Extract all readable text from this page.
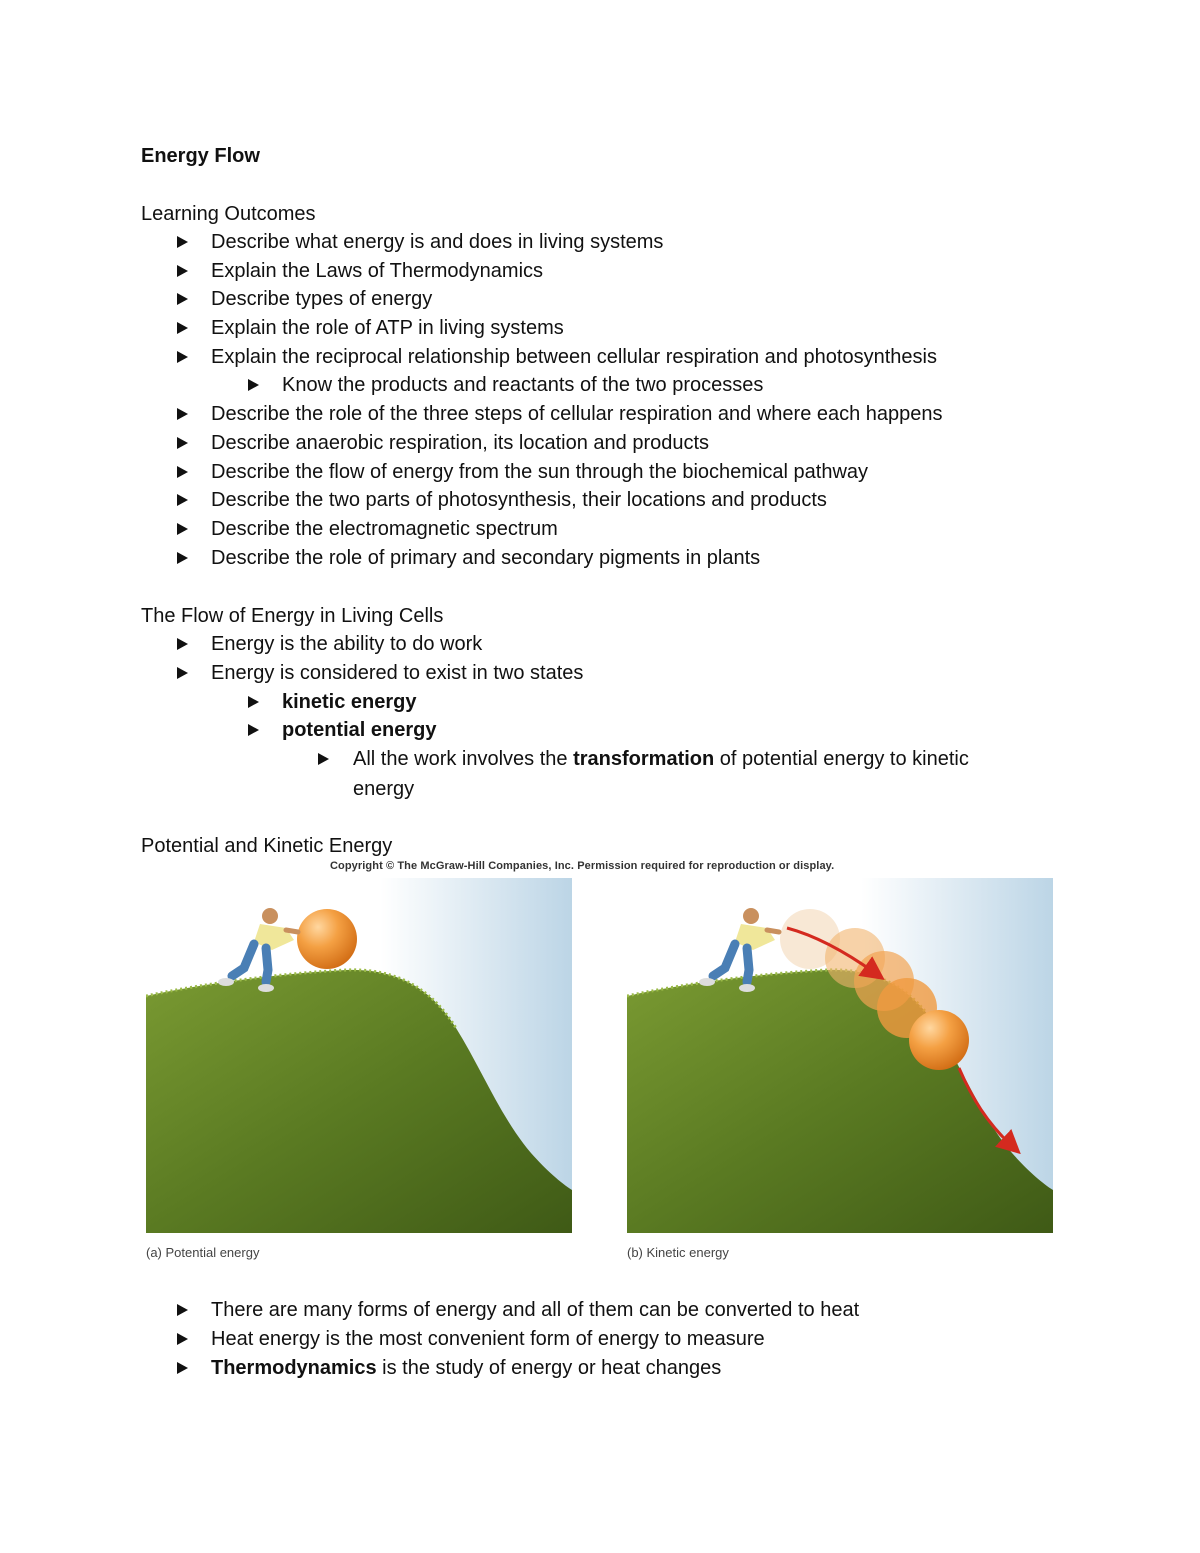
Energy Flow
Learning Outcomes
Describe what energy is and does in living systems
Explain the Laws of Thermodynamics
Describe types of energy
Explain the role of ATP in living systems
Explain the reciprocal relationship between cellular respiration and photosynthesis
Know the products and reactants of the two processes
Describe the role of the three steps of cellular respiration and where each happens
Describe anaerobic respiration, its location and products
Describe the flow of energy from the sun through the biochemical pathway
Describe the two parts of photosynthesis, their locations and products
Describe the electromagnetic spectrum
Describe the role of primary and secondary pigments in plants
The Flow of Energy in Living Cells
Energy is the ability to do work
Energy is considered to exist in two states
kinetic energy
potential energy
All the work involves the transformation of potential energy to kinetic
energy
Potential and Kinetic Energy
Copyright © The McGraw-Hill Companies, Inc. Permission required for reproduction or display.
(a) Potential energy	(b) Kinetic energy
There are many forms of energy and all of them can be converted to heat
Heat energy is the most convenient form of energy to measure
Thermodynamics is the study of energy or heat changes
